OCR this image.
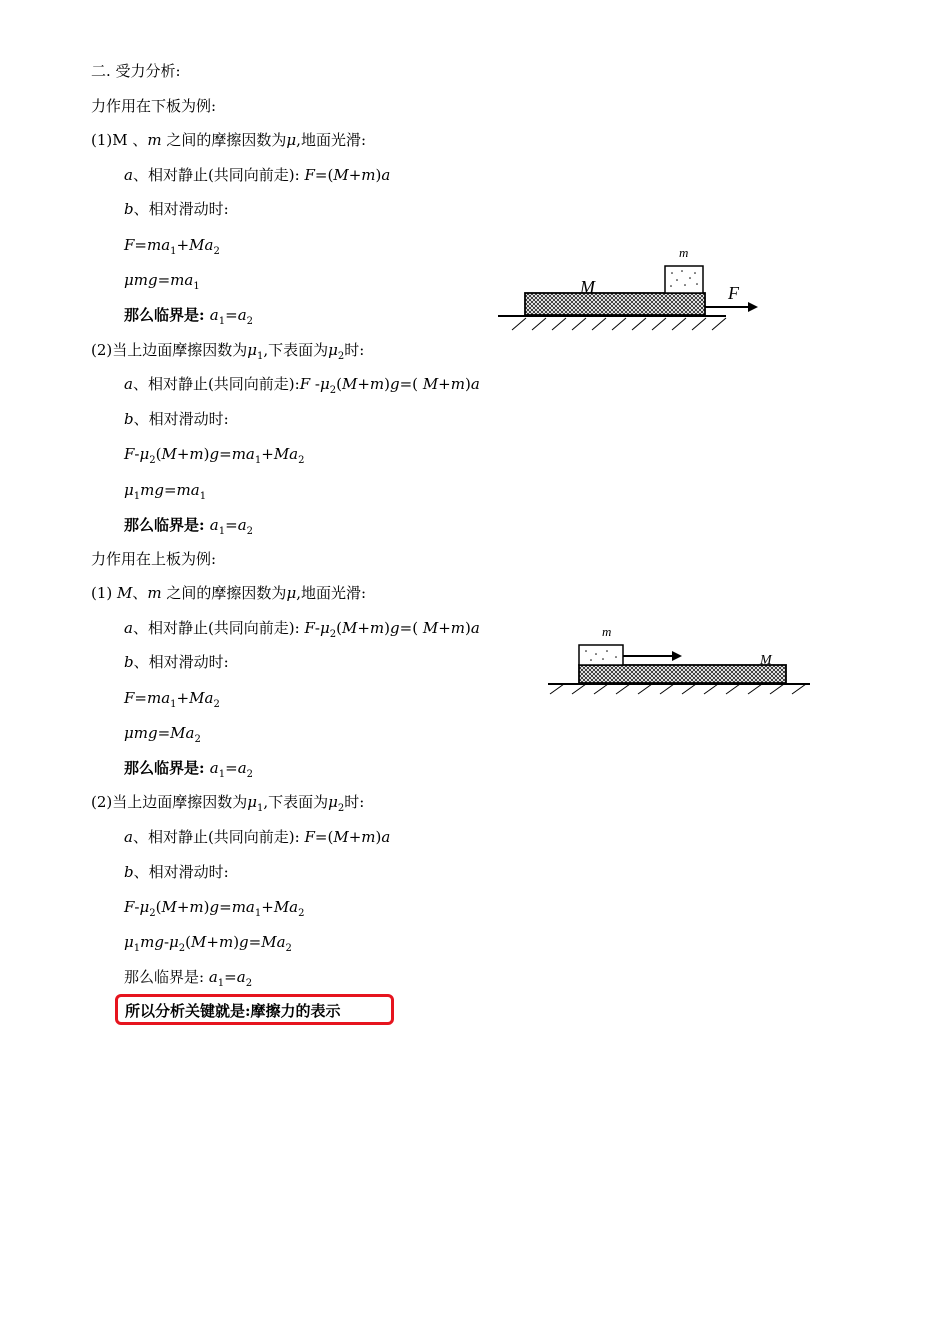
二. 受力分析:
力作用在下板为例:
(1)M 、m 之间的摩擦因数为μ,地面光滑:
a、相对静止(共同向前走): F=(M+m)a
b、相对滑动时:
$F=ma_1+Ma_2$
$\mu mg=ma_1$
那么临界是: $a_1=a_2$
(2)当上边面摩擦因数为$\mu_1$,下表面为$\mu_2$时:
a、相对静止(共同向前走):F $-\mu_2(M+m)g=$( M+m)a
b、相对滑动时:
$F-\mu_2(M+m)g=ma_1+Ma_2$
$\mu_1mg=ma_1$
那么临界是: $a_1=a_2$
力作用在上板为例:
(1) M、m 之间的摩擦因数为μ,地面光滑:
a、相对静止(共同向前走): $F-\mu_2(M+m)g=$( M+m)a
b、相对滑动时:
$F=ma_1+Ma_2$
$\mu mg=Ma_2$
那么临界是: $a_1=a_2$
(2)当上边面摩擦因数为$\mu_1$,下表面为$\mu_2$时:
a、相对静止(共同向前走): F=(M+m)a
b、相对滑动时:
$F-\mu_2(M+m)g=ma_1+Ma_2$
$\mu_1mg-\mu_2(M+m)g=Ma_2$
那么临界是: $a_1=a_2$
所以分析关键就是:摩擦力的表示
m
M	F
m
M
